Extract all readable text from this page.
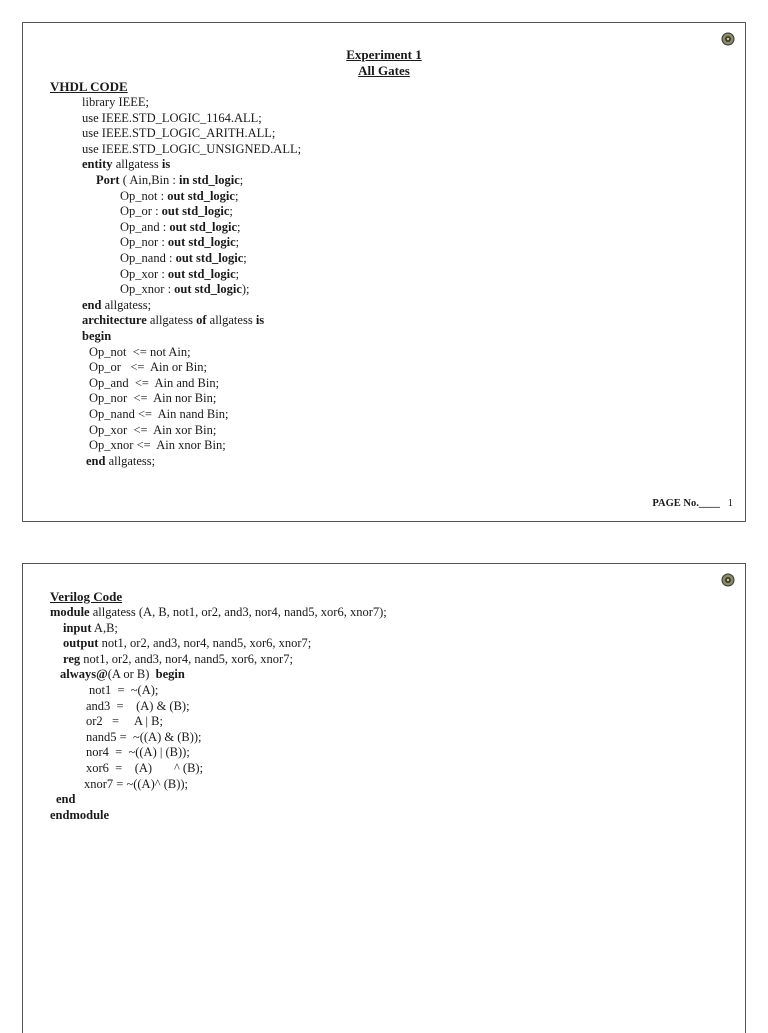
Experiment 1
All Gates
VHDL CODE
library IEEE;
use IEEE.STD_LOGIC_1164.ALL;
use IEEE.STD_LOGIC_ARITH.ALL;
use IEEE.STD_LOGIC_UNSIGNED.ALL;
entity allgatess is
Port ( Ain,Bin : in std_logic;
Op_not : out std_logic;
Op_or : out std_logic;
Op_and : out std_logic;
Op_nor : out std_logic;
Op_nand : out std_logic;
Op_xor : out std_logic;
Op_xnor : out std_logic);
end allgatess;
architecture allgatess of allgatess is
begin
Op_not  <= not Ain;
Op_or   <=  Ain or Bin;
Op_and  <=  Ain and Bin;
Op_nor  <=  Ain nor Bin;
Op_nand <=  Ain nand Bin;
Op_xor  <=  Ain xor Bin;
Op_xnor <=  Ain xnor Bin;
end allgatess;
PAGE No.____ 1
Verilog Code
module allgatess (A, B, not1, or2, and3, nor4, nand5, xor6, xnor7);
input A,B;
output not1, or2, and3, nor4, nand5, xor6, xnor7;
reg not1, or2, and3, nor4, nand5, xor6, xnor7;
always@(A or B)  begin
not1  =  ~(A);
and3  =    (A) & (B);
or2   =     A | B;
nand5 =  ~((A) & (B));
nor4  =  ~((A) | (B));
xor6  =    (A)       ^ (B);
xnor7 = ~((A)^ (B));
end
endmodule
